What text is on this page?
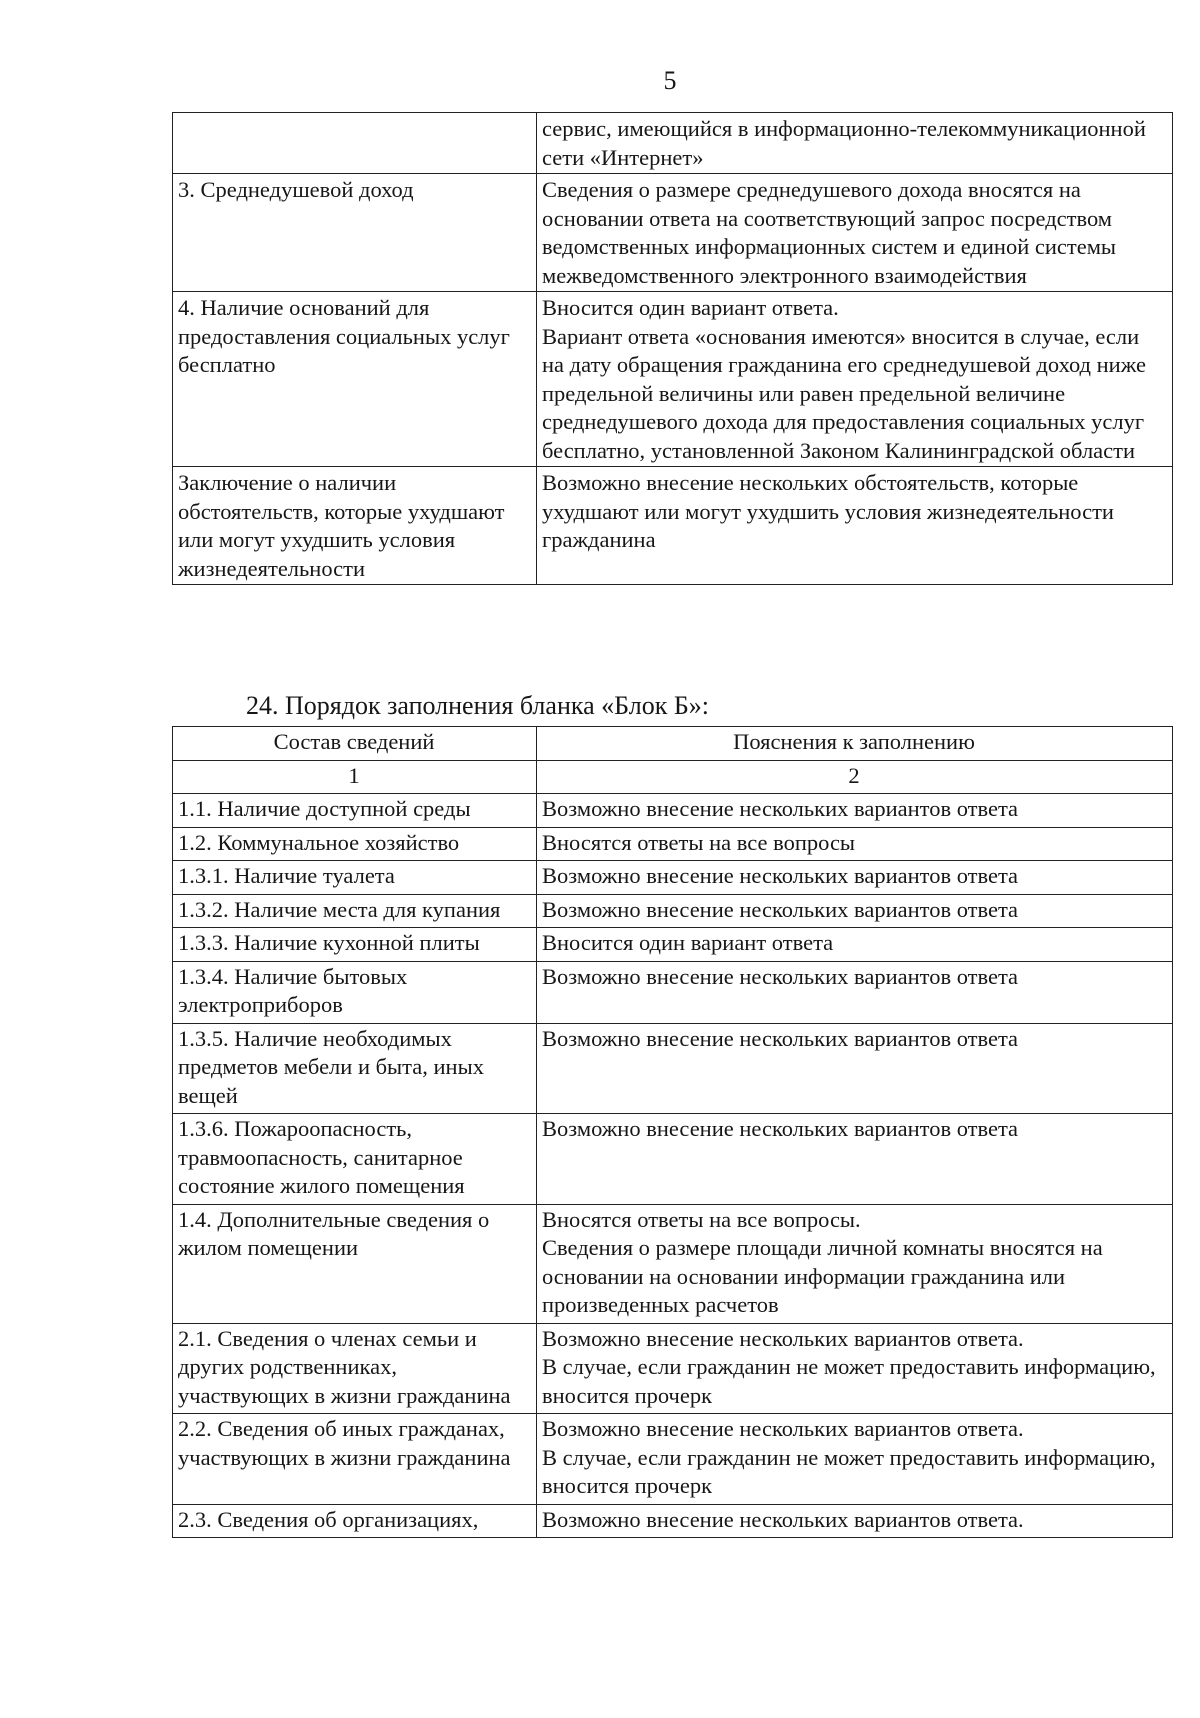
5

	сервис, имеющийся в информационно-телекоммуникационной сети «Интернет»

3. Среднедушевой доход	Сведения о размере среднедушевого дохода вносятся на основании ответа на соответствующий запрос посредством ведомственных информационных систем и единой системы межведомственного электронного взаимодействия

4. Наличие оснований для предоставления социальных услуг бесплатно	Вносится один вариант ответа.
Вариант ответа «основания имеются» вносится в случае, если на дату обращения гражданина его среднедушевой доход ниже предельной величины или равен предельной величине среднедушевого дохода для предоставления социальных услуг бесплатно, установленной Законом Калининградской области

Заключение о наличии обстоятельств, которые ухудшают или могут ухудшить условия жизнедеятельности	Возможно внесение нескольких обстоятельств, которые ухудшают или могут ухудшить условия жизнедеятельности гражданина
24. Порядок заполнения бланка «Блок Б»:
Состав сведений	Пояснения к заполнению
1	2

1.1. Наличие доступной среды	Возможно внесение нескольких вариантов ответа

1.2. Коммунальное хозяйство	Вносятся ответы на все вопросы

1.3.1. Наличие туалета	Возможно внесение нескольких вариантов ответа

1.3.2. Наличие места для купания	Возможно внесение нескольких вариантов ответа

1.3.3. Наличие кухонной плиты	Вносится один вариант ответа

1.3.4. Наличие бытовых электроприборов	Возможно внесение нескольких вариантов ответа

1.3.5. Наличие необходимых предметов мебели и быта, иных вещей	Возможно внесение нескольких вариантов ответа

1.3.6. Пожароопасность, травмоопасность, санитарное состояние жилого помещения	Возможно внесение нескольких вариантов ответа

1.4. Дополнительные сведения о жилом помещении	Вносятся ответы на все вопросы.
Сведения о размере площади личной комнаты вносятся на основании на основании информации гражданина или произведенных расчетов

2.1. Сведения о членах семьи и других родственниках, участвующих в жизни гражданина	Возможно внесение нескольких вариантов ответа.
В случае, если гражданин не может предоставить информацию, вносится прочерк

2.2. Сведения об иных гражданах, участвующих в жизни гражданина	Возможно внесение нескольких вариантов ответа.
В случае, если гражданин не может предоставить информацию, вносится прочерк

2.3. Сведения об организациях,	Возможно внесение нескольких вариантов ответа.
